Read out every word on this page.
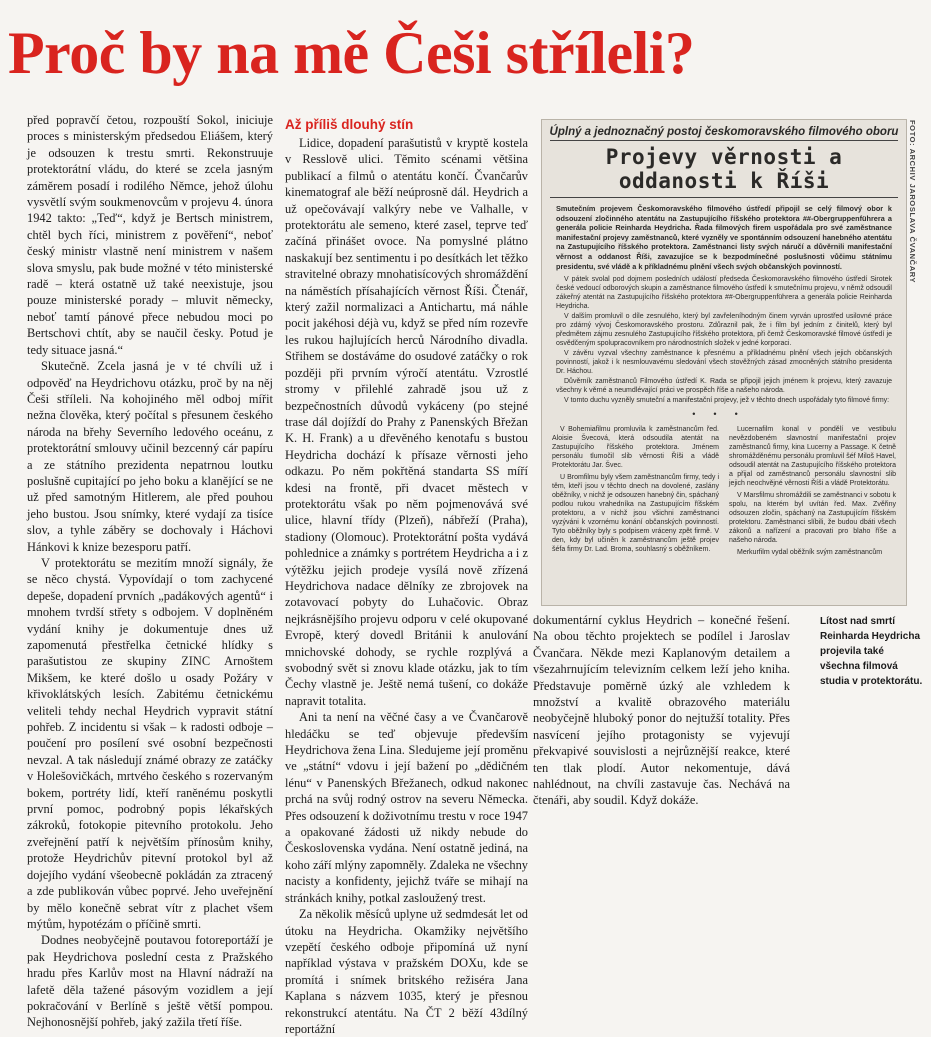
Proč by na mě Češi stříleli?

před popravčí četou, rozpouští Sokol, iniciuje proces s ministerským předsedou Eliášem, který je odsouzen k trestu smrti. Rekonstruuje protektorátní vládu, do které se zcela jasným záměrem posadí i rodilého Němce, jehož úlohu vysvětlí svým soukmenovcům v projevu 4. února 1942 takto: „Teď“, když je Bertsch ministrem, chtěl bych říci, ministrem z pověření“, neboť český ministr vlastně není ministrem v našem slova smyslu, pak bude možné v této ministerské radě – která ostatně už také neexistuje, jsou pouze ministerské porady – mluvit německy, neboť tamtí pánové přece nebudou moci po Bertschovi chtít, aby se naučil česky. Potud je tedy situace jasná.“

Skutečně. Zcela jasná je v té chvíli už i odpověď na Heydrichovu otázku, proč by na něj Češi stříleli. Na kohojiného měl odboj mířit nežna člověka, který počítal s přesunem českého národa na břehy Severního ledového oceánu, z protektorátní smlouvy učinil bezcenný cár papíru a ze státního prezidenta nepatrnou loutku poslušně cupitající po jeho boku a klanějící se ne už před samotným Hitlerem, ale před pouhou jeho bustou. Jsou snímky, které vydají za tisíce slov, a tyhle záběry se dochovaly i Háchovi Hánkovi k knize bezesporu patří.

V protektorátu se mezitím množí signály, že se něco chystá. Vypovídají o tom zachycené depeše, dopadení prvních „padákových agentů“ i mnohem tvrdší střety s odbojem. V doplněném vydání knihy je dokumentuje dnes už zapomenutá přestřelka četnické hlídky s parašutistou ze skupiny ZINC Arnoštem Mikšem, ke které došlo u osady Požáry v křivoklátských lesích. Zabitému četnickému veliteli tehdy nechal Heydrich vypravit státní pohřeb. Z incidentu si však – k radosti odboje – poučení pro posílení své osobní bezpečnosti nevzal. A tak následují známé obrazy ze zatáčky v Holešovičkách, mrtvého českého s rozervaným bokem, portréty lidí, kteří raněnému poskytli první pomoc, podrobný popis lékařských zákroků, fotokopie pitevního protokolu. Jeho zveřejnění patří k největším přínosům knihy, protože Heydrichův pitevní protokol byl až dojejího vydání všeobecně pokládán za ztracený a zde publikován vůbec poprvé. Jeho uveřejnění by mělo konečně sebrat vítr z plachet všem mýtům, hypotézám o příčině smrti.

Dodnes neobyčejně poutavou fotoreportáží je pak Heydrichova poslední cesta z Pražského hradu přes Karlův most na Hlavní nádraží na lafetě děla tažené pásovým vozidlem a její pokračování v Berlíně s ještě větší pompou. Nejhonosnější pohřeb, jaký zažila třetí říše.

Až příliš dlouhý stín

Lidice, dopadení parašutistů v kryptě kostela v Resslově ulici. Těmito scénami většina publikací a filmů o atentátu končí. Čvančarův kinematograf ale běží neúprosně dál. Heydrich a už opečovávají valkýry nebe ve Valhalle, v protektorátu ale semeno, které zasel, teprve teď začíná přinášet ovoce. Na pomyslné plátno naskakují bez sentimentu i po desítkách let těžko stravitelné obrazy mnohatisícových shromáždění na náměstích přísahajících věrnost Říši. Čtenář, který zažil normalizaci a Antichartu, má náhle pocit jakéhosi déjà vu, když se před ním rozevře les rukou hajlujících herců Národního divadla. Střihem se dostáváme do osudové zatáčky o rok později při prvním výročí atentátu. Vzrostlé stromy v přilehlé zahradě jsou už z bezpečnostních důvodů vykáceny (po stejné trase dál dojíždí do Prahy z Panenských Břežan K. H. Frank) a u dřevěného kenotafu s bustou Heydricha dochází k přísaze věrnosti jeho odkazu. Po něm pokřtěná standarta SS míří kdesi na frontě, při dvacet městech v protektorátu však po něm pojmenovává své ulice, hlavní třídy (Plzeň), nábřeží (Praha), stadiony (Olomouc). Protektorátní pošta vydává pohlednice a známky s portrétem Heydricha a i z výtěžku jejich prodeje vysílá nově zřízená Heydrichova nadace dělníky ze zbrojovek na zotavovací pobyty do Luhačovic. Obraz nejkrásnějšího projevu odporu v celé okupované Evropě, který dovedl Británii k anulování mnichovské dohody, se rychle rozplývá a svobodný svět si znovu klade otázku, jak to tím Čechy vlastně je. Ještě nemá tušení, co dokáže napravit totalita.

Ani ta není na věčné časy a ve Čvančarově hledáčku se teď objevuje především Heydrichova žena Lina. Sledujeme její proměnu ve „státní“ vdovu i její bažení po „dědičném lénu“ v Panenských Břežanech, odkud nakonec prchá na svůj rodný ostrov na severu Německa. Přes odsouzení k doživotnímu trestu v roce 1947 a opakované žádosti už nikdy nebude do Československa vydána. Není ostatně jediná, na koho září mlýny zapomněly. Zdaleka ne všechny nacisty a konfidenty, jejichž tváře se mihají na stránkách knihy, potkal zasloužený trest.

Za několik měsíců uplyne už sedmdesát let od útoku na Heydricha. Okamžiky největšího vzepětí českého odboje připomíná už nyní například výstava v pražském DOXu, kde se promítá i snímek britského režiséra Jana Kaplana s názvem 1035, který je přesnou rekonstrukcí atentátu. Na ČT 2 běží 43dílný reportážní

Úplný a jednoznačný postoj českomoravského filmového oboru
Projevy věrnosti a oddanosti k Říši
Smutečním projevem Českomoravského filmového ústředí připojil se celý filmový obor k odsouzení zločinného atentátu na Zastupujícího říšského protektora ##-Obergruppenführera a generála policie Reinharda Heydricha. Řada filmových firem uspořádala pro své zaměstnance manifestační projevy zaměstnanců, které vyzněly ve spontánním odsouzení hanebného atentátu na Zastupujícího říšského protektora. Zaměstnanci listy svých náručí a důvěrnili manifestační věrnost a oddanost Říši, zavazujíce se k bezpodmínečné poslušnosti vůčimu státnímu presidentu, své vládě a k příkladnému plnění všech svých občanských povinností.

V pátek svolal pod dojmem posledních událostí předseda Českomoravského filmového ústředí Sirotek české vedoucí odborových skupin a zaměstnance filmového ústředí k smutečnímu projevu, v němž odsoudil zákeřný atentát na Zastupujícího říšského protektora ##-Obergruppenführera a generála policie Reinharda Heydricha.

V dalším promluvil o díle zesnulého, který byl zavřeleníhodným činem vyrván uprostřed usilovné práce pro zdárný vývoj Českomoravského prostoru. Zdůraznil pak, že i film byl jedním z činitelů, který byl předmětem zájmu zesnulého Zastupujícího říšského protektora, při čemž Českomoravské filmové ústředí je osvědčeným spolupracovníkem pro národnostních složek v jedné korporaci.

V závěru vyzval všechny zaměstnance k přesnému a příkladnému plnění všech jejich občanských povinností, jakož i k nesmlouvavému sledování všech stověžných zásad zmocněných státního presidenta Dr. Háchou.

Důvěrník zaměstnanců Filmového ústředí K. Rada se připojil jejich jménem k projevu, který zavazuje všechny k věrné a neumdlévající práci ve prospěch říše a našeho národa.

V tomto duchu vyzněly smuteční a manifestační projevy, jež v těchto dnech uspořádaly tyto filmové firmy:

•••

V Bohemiafilmu promluvila k zaměstnancům řed. Aloisie Švecová, která odsoudila atentát na Zastupujícího říšského protektora. Jménem personálu tlumočil slib věrnosti Říši a vládě Protektorátu Jar. Švec.

U Bromfilmu byly všem zaměstnancům firmy, tedy i těm, kteří jsou v těchto dnech na dovolené, zaslány oběžníky, v nichž je odsouzen hanebný čin, spáchaný podlou rukou vrahedníka na Zastupujícím říšském protektoru, a v nichž jsou všichni zaměstnanci vyzýváni k vzornému konání občanských povinností. Tyto oběžníky byly s podpisem vráceny zpět firmě. V den, kdy byl učiněn k zaměstnancům ještě projev šéfa firmy Dr. Lad. Broma, souhlasný s oběžníkem.

Lucernafilm konal v pondělí ve vestibulu nevězdobeném slavnostní manifestační projev zaměstnanců firmy, kina Lucerny a Passage. K četně shromážděnému personálu promluvil šéf Miloš Havel, odsoudil atentát na Zastupujícího říšského protektora a přijal od zaměstnanců personálu slavnostní slib jejich neochvějné věrnosti Říši a vládě Protektorátu.

V Marsfilmu shromáždili se zaměstnanci v sobotu k spolu, na kterém byl uvítán řed. Max. Zvěřiny odsouzen zločin, spáchaný na Zastupujícím říšském protektoru. Zaměstnanci slíbili, že budou dbáti všech zákonů a nařízení a pracovati pro blaho říše a našeho národa.

Merkurfilm vydal oběžník svým zaměstnancům

FOTO: ARCHIV JAROSLAVA ČVANČARY

dokumentární cyklus Heydrich – konečné řešení. Na obou těchto projektech se podílel i Jaroslav Čvančara. Někde mezi Kaplanovým detailem a všezahrnujícím televizním celkem leží jeho kniha. Představuje poměrně úzký ale vzhledem k množství a kvalitě obrazového materiálu neobyčejně hluboký ponor do nejtužší totality. Přes nasvícení jejího protagonisty se vyjevují překvapivé souvislosti a nejrůznější reakce, které ten tlak plodí. Autor nekomentuje, dává nahlédnout, na chvíli zastavuje čas. Nechává na čtenáři, aby soudil. Když dokáže.

Lítost nad smrtí Reinharda Heydricha projevila také všechna filmová studia v protektorátu.
